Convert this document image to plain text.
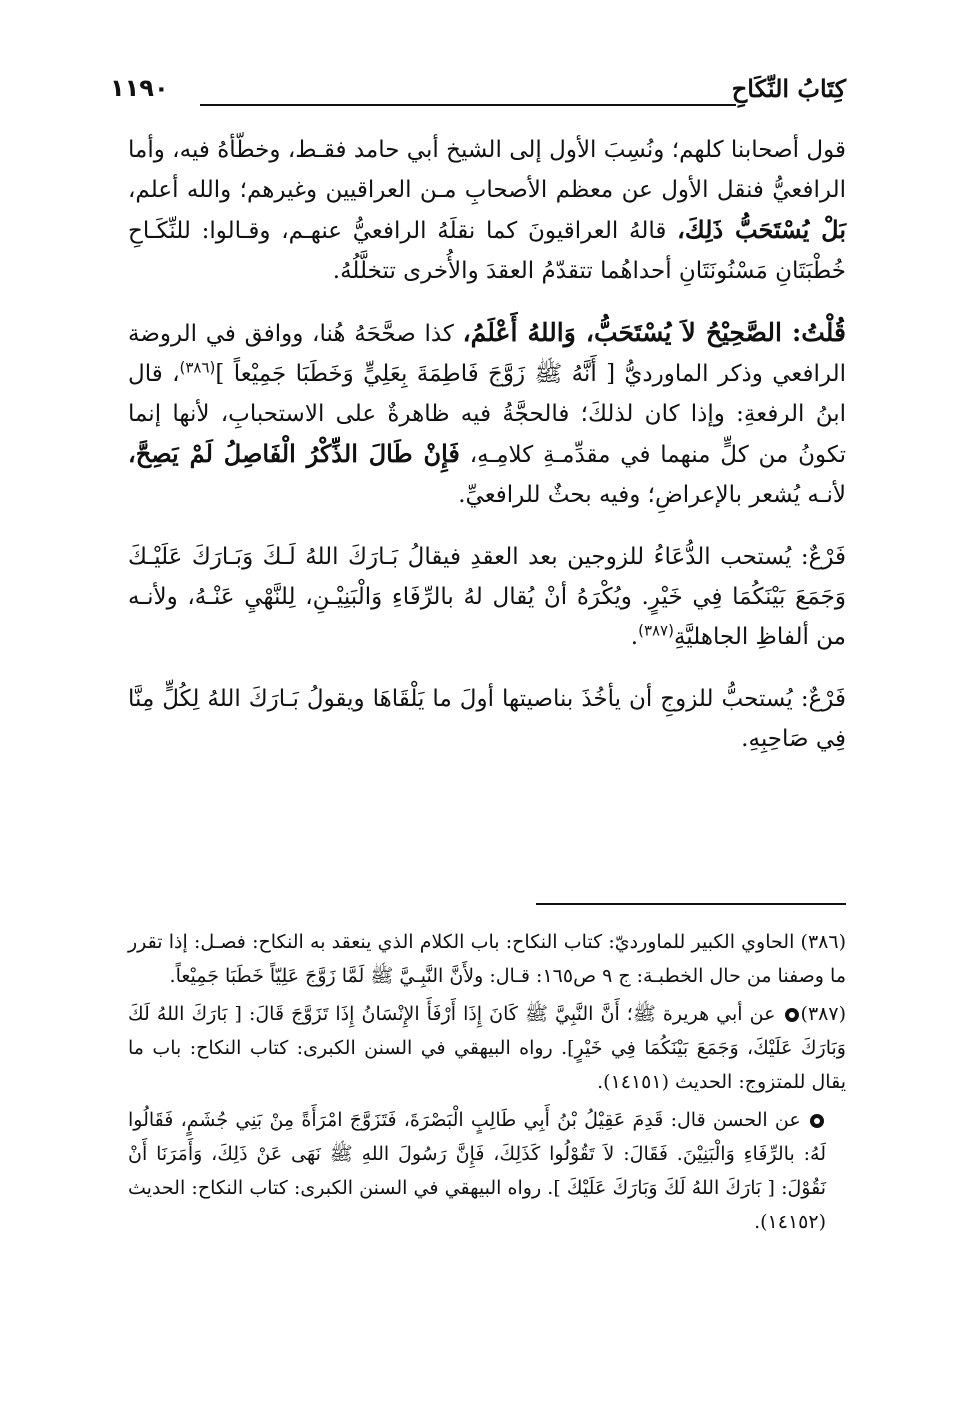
كِتَابُ النِّكَاحِ
١١٩٠

قول أصحابنا كلهم؛ ونُسِبَ الأول إلى الشيخ أبي حامد فقـط، وخطّأهُ فيه، وأما الرافعيُّ فنقل الأول عن معظم الأصحابِ مـن العراقيين وغيرهم؛ والله أعلم، بَلْ يُسْتَحَبُّ ذَلِكَ، قالهُ العراقيونَ كما نقلَهُ الرافعيُّ عنهـم، وقـالوا: للنِّكَـاحِ خُطْبَتَانِ مَسْنُونَتَانِ أحداهُما تتقدّمُ العقدَ والأُخرى تتخلَّلُهُ.

قُلْتُ: الصَّحِيْحُ لاَ يُسْتَحَبُّ، وَاللهُ أَعْلَمُ، كذا صحَّحَهُ هُنا، ووافق في الروضة الرافعي وذكر الماورديُّ [ أَنَّهُ ﷺ زَوَّجَ فَاطِمَةَ بِعَلِيٍّ وَخَطَبَا جَمِيْعاً ]$^{(٣٨٦)}$، قال ابنُ الرفعةِ: وإذا كان لذلكَ؛ فالحجَّةُ فيه ظاهرةٌ على الاستحبابِ، لأنها إنما تكونُ من كلٍّ منهما في مقدِّمـةِ كلامِـهِ، فَإِنْ طَالَ الذِّكْرُ الْفَاصِلُ لَمْ يَصِحَّ، لأنـه يُشعر بالإعراضِ؛ وفيه بحثٌ للرافعيِّ.

فَرْعٌ: يُستحب الدُّعَاءُ للزوجين بعد العقدِ فيقالُ بَـارَكَ اللهُ لَـكَ وَبَـارَكَ عَلَيْـكَ وَجَمَعَ بَيْنَكُمَا فِي خَيْرٍ. ويُكْرَهُ أنْ يُقال لهُ بالرِّفَاءِ وَالْبَنِيْـنِ، لِلنَّهْيِ عَنْـهُ، ولأنـه من ألفاظِ الجاهليَّةِ$^{(٣٨٧)}$.

فَرْعٌ: يُستحبُّ للزوجِ أن يأخُذَ بناصيتها أولَ ما يَلْقَاهَا ويقولُ بَـارَكَ اللهُ لِكُلٍّ مِنَّا فِي صَاحِبِهِ.

(٣٨٦) الحاوي الكبير للماورديّ: كتاب النكاح: باب الكلام الذي ينعقد به النكاح: فصـل: إذا تقرر ما وصفنا من حال الخطبـة: ج ٩ ص١٦٥: قـال: ولأَنَّ النَّبِـيَّ ﷺ لَمَّا زَوَّجَ عَلِيّاً خَطَبَا جَمِيْعاً.

(٣٨٧) عن أبي هريرة ﷺ؛ أَنَّ النَّبِيَّ ﷺ كَانَ إِذَا أَرْفَأَ الإِنْسَانُ إِذَا تَزَوَّجَ قَالَ: [ بَارَكَ اللهُ لَكَ وَبَارَكَ عَلَيْكَ، وَجَمَعَ بَيْنَكُمَا فِي خَيْرٍ]. رواه البيهقي في السنن الكبرى: كتاب النكاح: باب ما يقال للمتزوج: الحديث (١٤١٥١).

عن الحسن قال: قَدِمَ عَقِيْلُ بْنُ أَبِي طَالِبٍ الْبَصْرَةَ، فَتَزَوَّجَ امْرَأَةً مِنْ بَنِي جُشَمٍ، فَقَالُوا لَهُ: بالرِّفَاءِ وَالْبَنِيْنَ. فَقَالَ: لاَ تَقُوْلُوا كَذَلِكَ، فَإِنَّ رَسُولَ اللهِ ﷺ نَهَى عَنْ ذَلِكَ، وَأَمَرَنَا أَنْ نَقُوْلَ: [ بَارَكَ اللهُ لَكَ وَبَارَكَ عَلَيْكَ ]. رواه البيهقي في السنن الكبرى: كتاب النكاح: الحديث (١٤١٥٢).
